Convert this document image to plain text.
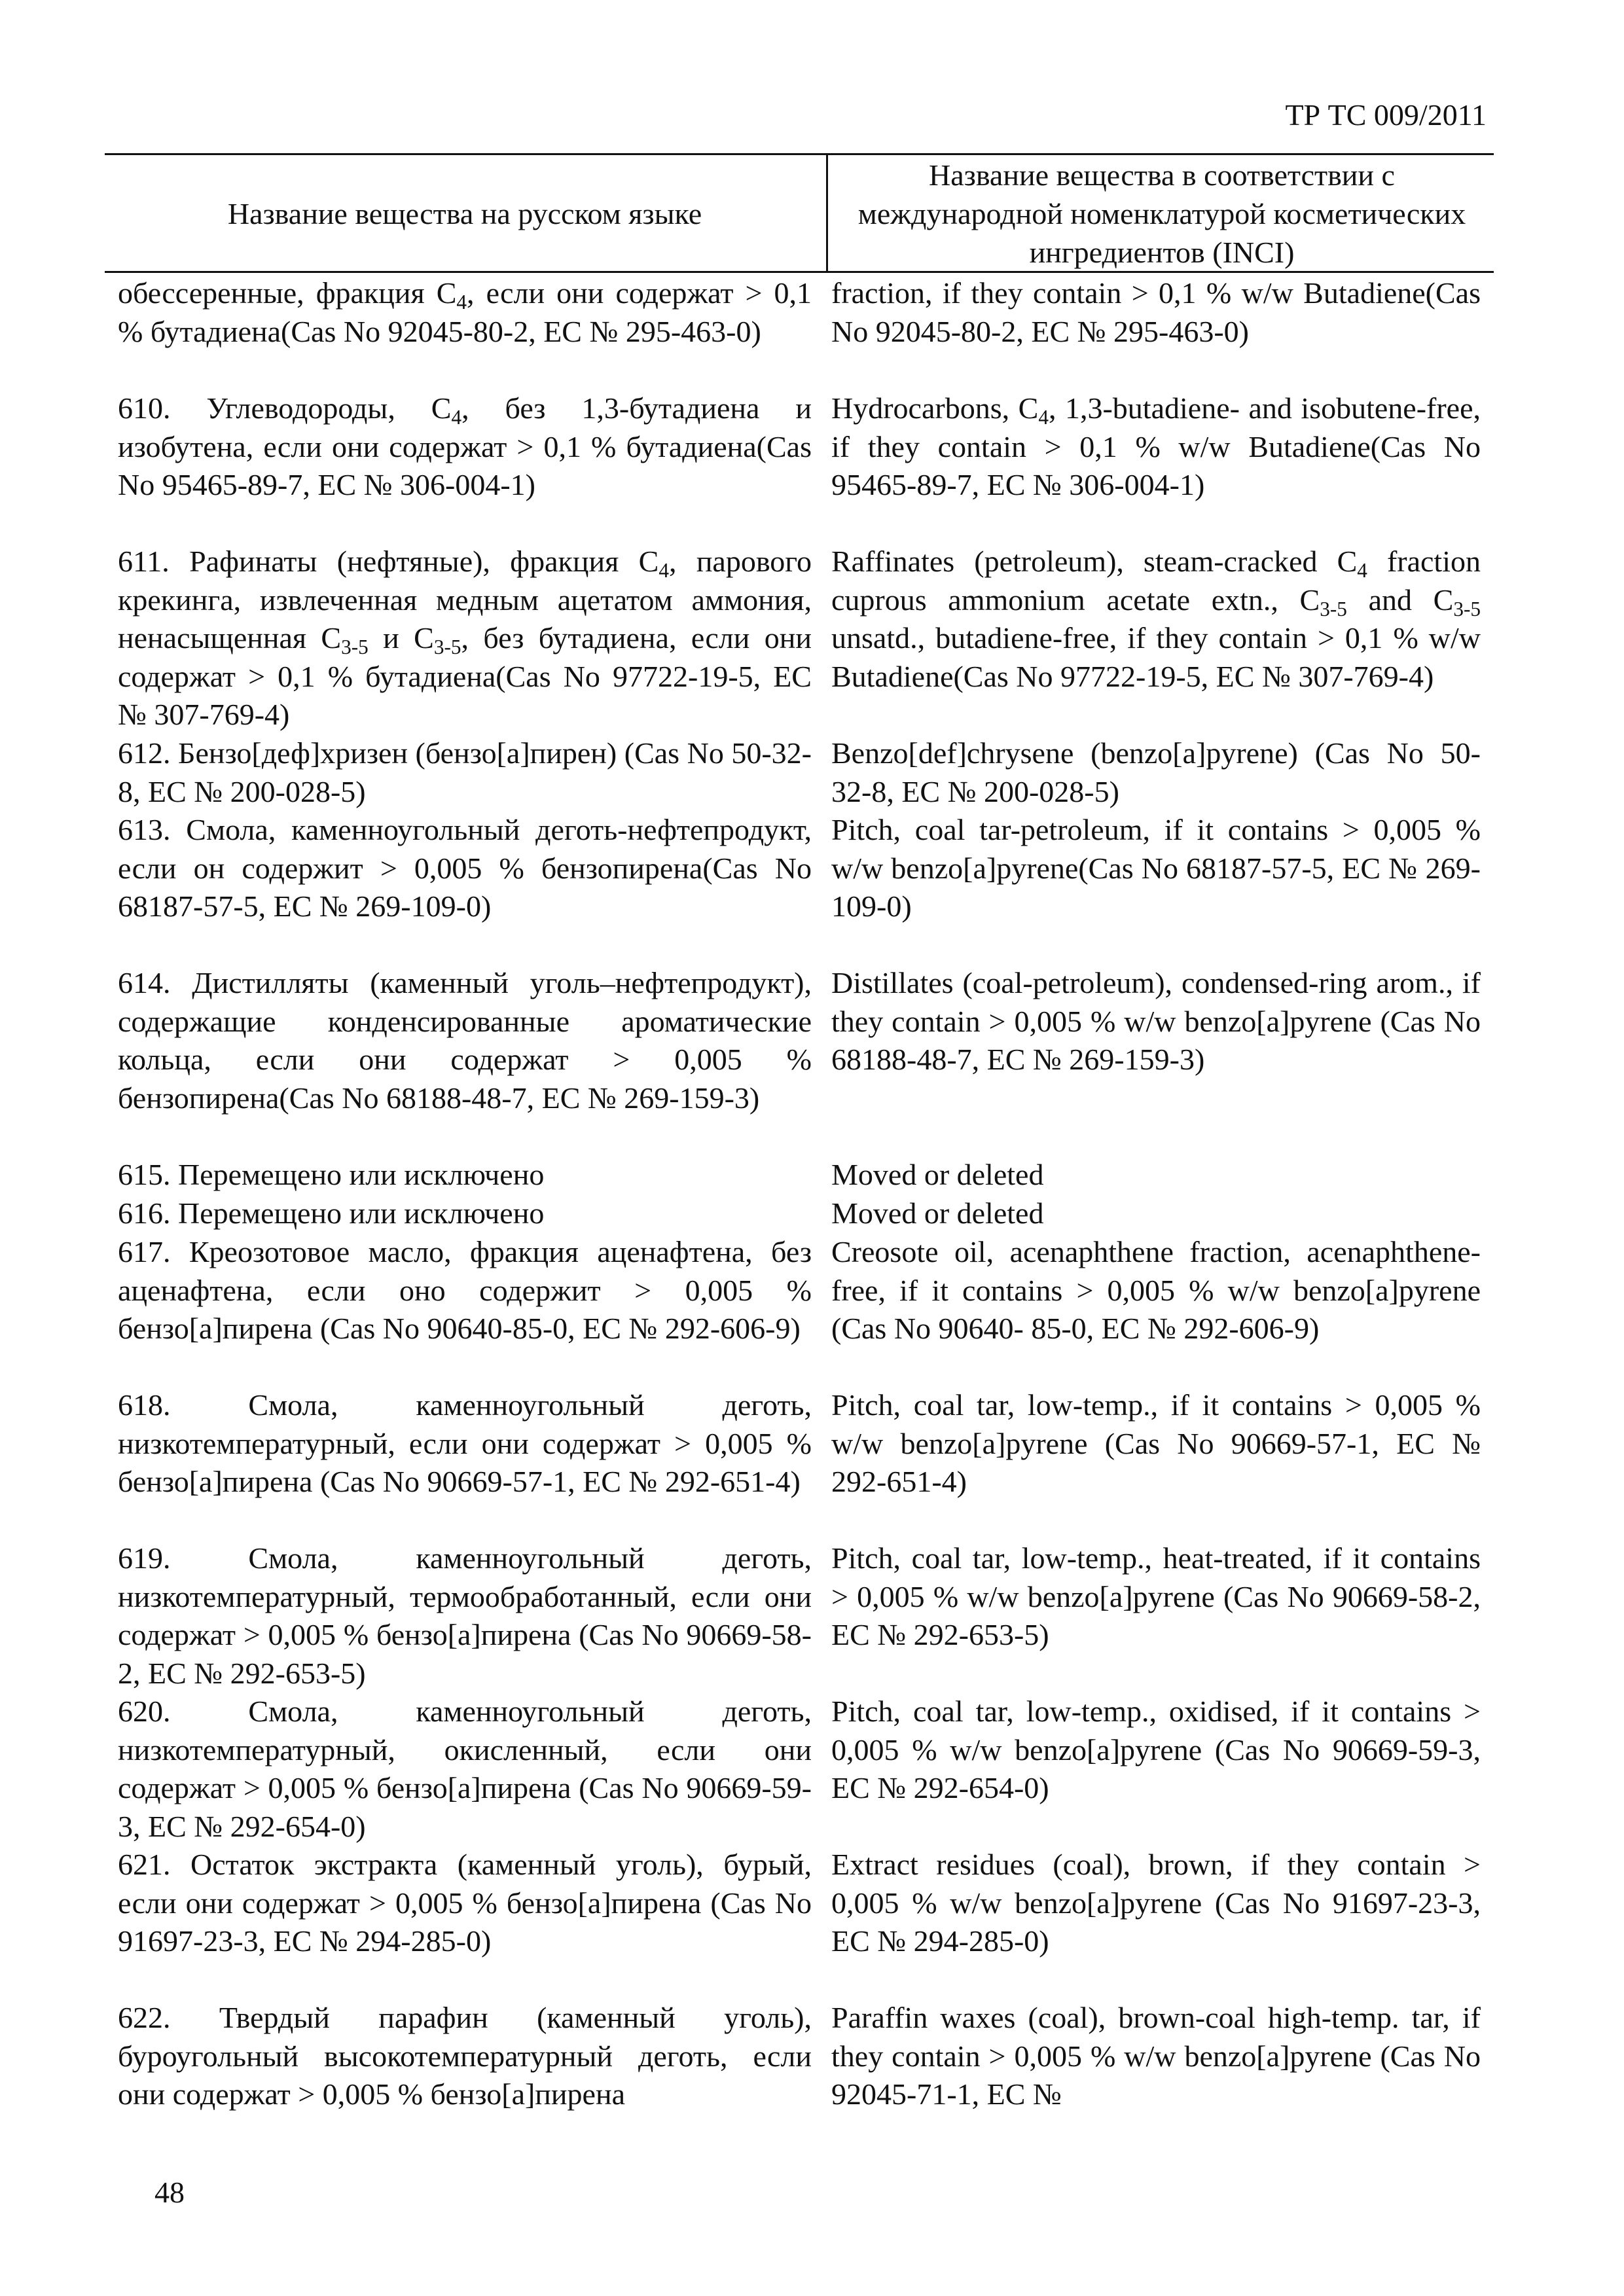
ТР ТС 009/2011
Название вещества на русском языке
Название вещества в соответствии с международной номенклатурой косметических ингредиентов (INCI)
обессеренные, фракция $C_4$, если они содержат > 0,1 % бутадиена(Cas No 92045-80-2, EC № 295-463-0)
fraction, if they contain > 0,1 % w/w Butadiene(Cas No 92045-80-2, EC № 295-463-0)
610. Углеводороды, $C_4$, без 1,3-бутадиена и изобутена, если они содержат > 0,1 % бутадиена(Cas No 95465-89-7, EC № 306-004-1)
Hydrocarbons, $C_4$, 1,3-butadiene- and isobutene-free, if they contain > 0,1 % w/w Butadiene(Cas No 95465-89-7, EC № 306-004-1)
611. Рафинаты (нефтяные), фракция $C_4$, парового крекинга, извлеченная медным ацетатом аммония, ненасыщенная $C_{3-5}$ и $C_{3-5}$, без бутадиена, если они содержат > 0,1 % бутадиена(Cas No 97722-19-5, EC № 307-769-4)
Raffinates (petroleum), steam-cracked $C_4$ fraction cuprous ammonium acetate extn., $C_{3-5}$ and $C_{3-5}$ unsatd., butadiene-free, if they contain > 0,1 % w/w Butadiene(Cas No 97722-19-5, EC № 307-769-4)
612. Бензо[деф]хризен (бензо[а]пирен) (Cas No 50-32-8, EC № 200-028-5)
Benzo[def]chrysene (benzo[a]pyrene) (Cas No 50-32-8, EC № 200-028-5)
613. Смола, каменноугольный деготь-нефтепродукт, если он содержит > 0,005 % бензопирена(Cas No 68187-57-5, EC № 269-109-0)
Pitch, coal tar-petroleum, if it contains > 0,005 % w/w benzo[a]pyrene(Cas No 68187-57-5, EC № 269-109-0)
614. Дистилляты (каменный уголь–нефтепродукт), содержащие конденсированные ароматические кольца, если они содержат > 0,005 % бензопирена(Cas No 68188-48-7, EC № 269-159-3)
Distillates (coal-petroleum), condensed-ring arom., if they contain > 0,005 % w/w benzo[a]pyrene (Cas No 68188-48-7, EC № 269-159-3)
615. Перемещено или исключено	Moved or deleted
616. Перемещено или исключено	Moved or deleted
617. Креозотовое масло, фракция аценафтена, без аценафтена, если оно содержит > 0,005 % бензо[а]пирена (Cas No 90640-85-0, EC № 292-606-9)
Creosote oil, acenaphthene fraction, acenaphthene-free, if it contains > 0,005 % w/w benzo[a]pyrene (Cas No 90640- 85-0, EC № 292-606-9)
618. Смола, каменноугольный деготь, низкотемпературный, если они содержат > 0,005 % бензо[а]пирена (Cas No 90669-57-1, EC № 292-651-4)
Pitch, coal tar, low-temp., if it contains > 0,005 % w/w benzo[a]pyrene (Cas No 90669-57-1, EC № 292-651-4)
619. Смола, каменноугольный деготь, низкотемпературный, термообработанный, если они содержат > 0,005 % бензо[а]пирена (Cas No 90669-58-2, EC № 292-653-5)
Pitch, coal tar, low-temp., heat-treated, if it contains > 0,005 % w/w benzo[a]pyrene (Cas No 90669-58-2, EC № 292-653-5)
620. Смола, каменноугольный деготь, низкотемпературный, окисленный, если они содержат > 0,005 % бензо[а]пирена (Cas No 90669-59-3, EC № 292-654-0)
Pitch, coal tar, low-temp., oxidised, if it contains > 0,005 % w/w benzo[a]pyrene (Cas No 90669-59-3, EC № 292-654-0)
621. Остаток экстракта (каменный уголь), бурый, если они содержат > 0,005 % бензо[а]пирена (Cas No 91697-23-3, EC № 294-285-0)
Extract residues (coal), brown, if they contain > 0,005 % w/w benzo[a]pyrene (Cas No 91697-23-3, EC № 294-285-0)
622. Твердый парафин (каменный уголь), буроугольный высокотемпературный деготь, если они содержат > 0,005 % бензо[а]пирена
Paraffin waxes (coal), brown-coal high-temp. tar, if they contain > 0,005 % w/w benzo[a]pyrene (Cas No 92045-71-1, EC №
48
